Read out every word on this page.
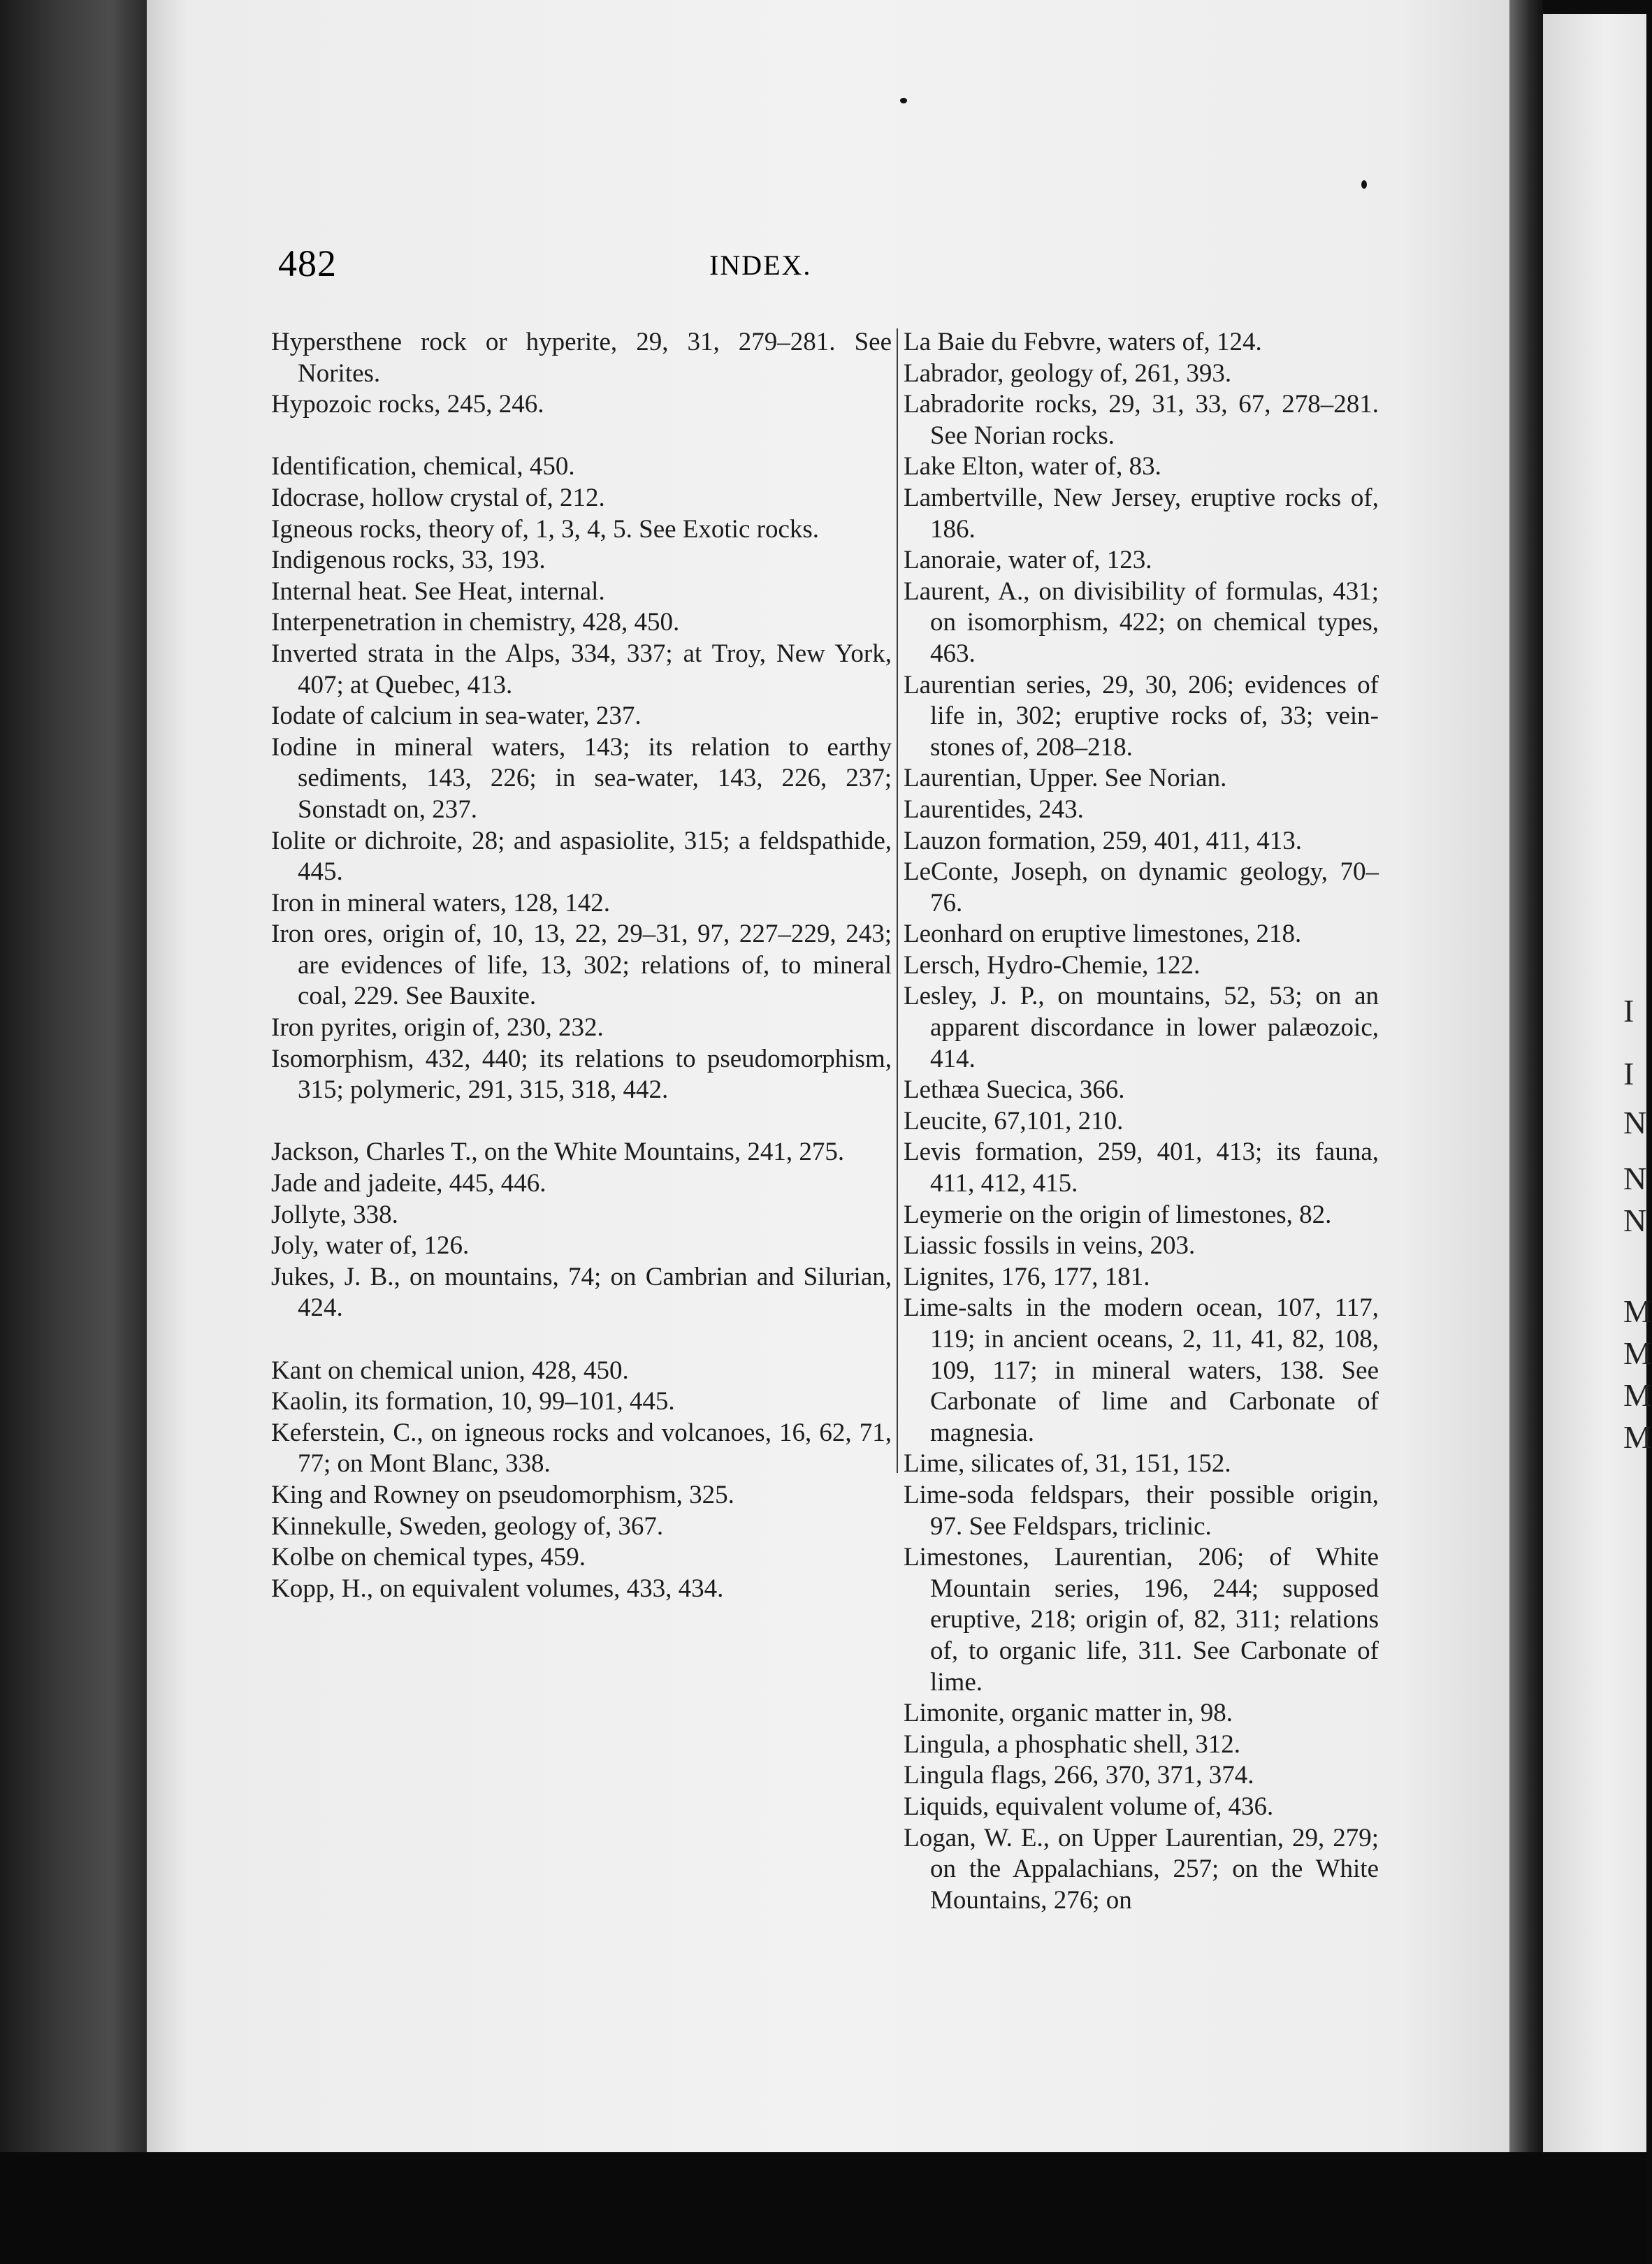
I
I
N
N
N
M
M
M
M
482	INDEX.
Hypersthene rock or hyperite, 29, 31, 279–281. See Norites.
Hypozoic rocks, 245, 246.
Identification, chemical, 450.
Idocrase, hollow crystal of, 212.
Igneous rocks, theory of, 1, 3, 4, 5. See Exotic rocks.
Indigenous rocks, 33, 193.
Internal heat. See Heat, internal.
Interpenetration in chemistry, 428, 450.
Inverted strata in the Alps, 334, 337; at Troy, New York, 407; at Quebec, 413.
Iodate of calcium in sea-water, 237.
Iodine in mineral waters, 143; its relation to earthy sediments, 143, 226; in sea-water, 143, 226, 237; Sonstadt on, 237.
Iolite or dichroite, 28; and aspasiolite, 315; a feldspathide, 445.
Iron in mineral waters, 128, 142.
Iron ores, origin of, 10, 13, 22, 29–31, 97, 227–229, 243; are evidences of life, 13, 302; relations of, to mineral coal, 229. See Bauxite.
Iron pyrites, origin of, 230, 232.
Isomorphism, 432, 440; its relations to pseudomorphism, 315; polymeric, 291, 315, 318, 442.
Jackson, Charles T., on the White Mountains, 241, 275.
Jade and jadeite, 445, 446.
Jollyte, 338.
Joly, water of, 126.
Jukes, J. B., on mountains, 74; on Cambrian and Silurian, 424.
Kant on chemical union, 428, 450.
Kaolin, its formation, 10, 99–101, 445.
Keferstein, C., on igneous rocks and volcanoes, 16, 62, 71, 77; on Mont Blanc, 338.
King and Rowney on pseudomorphism, 325.
Kinnekulle, Sweden, geology of, 367.
Kolbe on chemical types, 459.
Kopp, H., on equivalent volumes, 433, 434.
La Baie du Febvre, waters of, 124.
Labrador, geology of, 261, 393.
Labradorite rocks, 29, 31, 33, 67, 278–281. See Norian rocks.
Lake Elton, water of, 83.
Lambertville, New Jersey, eruptive rocks of, 186.
Lanoraie, water of, 123.
Laurent, A., on divisibility of formulas, 431; on isomorphism, 422; on chemical types, 463.
Laurentian series, 29, 30, 206; evidences of life in, 302; eruptive rocks of, 33; vein-stones of, 208–218.
Laurentian, Upper. See Norian.
Laurentides, 243.
Lauzon formation, 259, 401, 411, 413.
LeConte, Joseph, on dynamic geology, 70–76.
Leonhard on eruptive limestones, 218.
Lersch, Hydro-Chemie, 122.
Lesley, J. P., on mountains, 52, 53; on an apparent discordance in lower palæozoic, 414.
Lethæa Suecica, 366.
Leucite, 67,101, 210.
Levis formation, 259, 401, 413; its fauna, 411, 412, 415.
Leymerie on the origin of limestones, 82.
Liassic fossils in veins, 203.
Lignites, 176, 177, 181.
Lime-salts in the modern ocean, 107, 117, 119; in ancient oceans, 2, 11, 41, 82, 108, 109, 117; in mineral waters, 138. See Carbonate of lime and Carbonate of magnesia.
Lime, silicates of, 31, 151, 152.
Lime-soda feldspars, their possible origin, 97. See Feldspars, triclinic.
Limestones, Laurentian, 206; of White Mountain series, 196, 244; supposed eruptive, 218; origin of, 82, 311; relations of, to organic life, 311. See Carbonate of lime.
Limonite, organic matter in, 98.
Lingula, a phosphatic shell, 312.
Lingula flags, 266, 370, 371, 374.
Liquids, equivalent volume of, 436.
Logan, W. E., on Upper Laurentian, 29, 279; on the Appalachians, 257; on the White Mountains, 276; on
